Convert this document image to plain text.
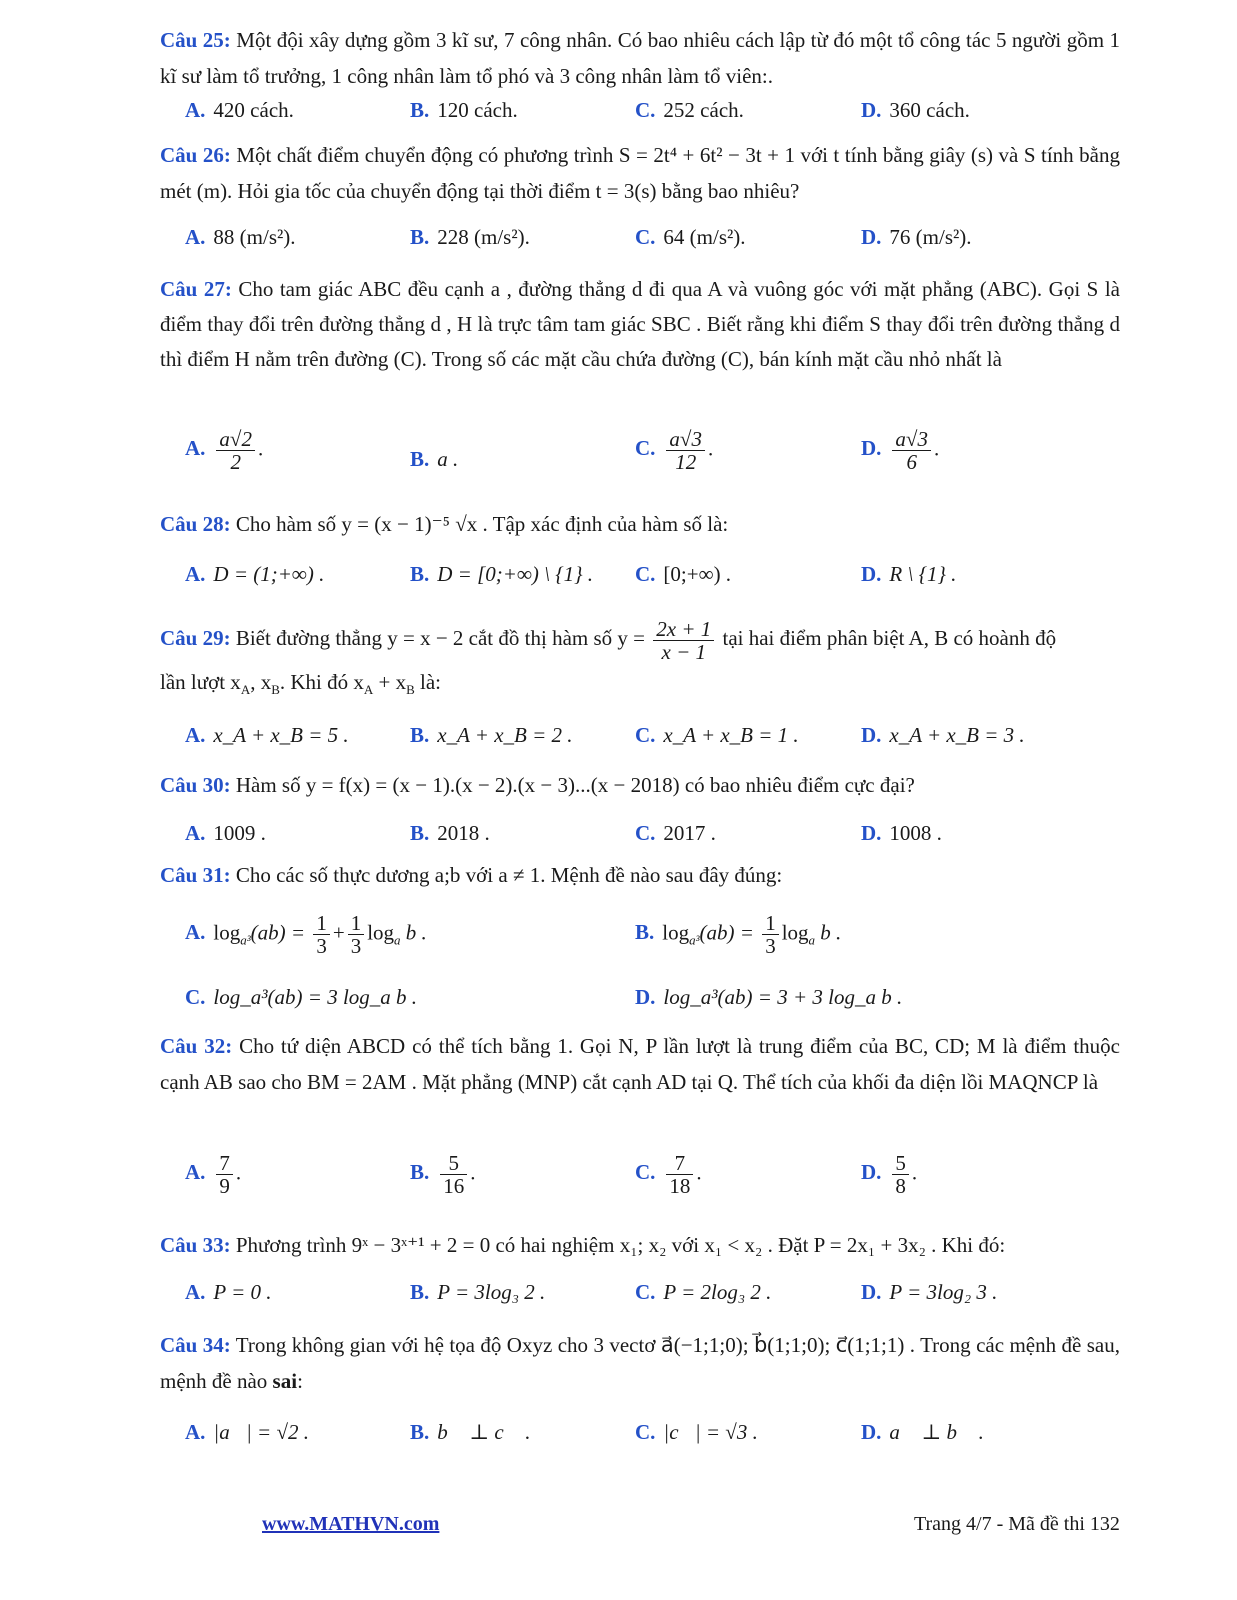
Câu 25: Một đội xây dựng gồm 3 kĩ sư, 7 công nhân. Có bao nhiêu cách lập từ đó một tổ công tác 5 người gồm 1 kĩ sư làm tổ trưởng, 1 công nhân làm tổ phó và 3 công nhân làm tổ viên:.

A. 420 cách.	B. 120 cách.	C. 252 cách.	D. 360 cách.

Câu 26: Một chất điểm chuyển động có phương trình S = 2t⁴ + 6t² − 3t + 1 với t tính bằng giây (s) và S tính bằng mét (m). Hỏi gia tốc của chuyển động tại thời điểm t = 3(s) bằng bao nhiêu?

A. 88 (m/s²).	B. 228 (m/s²).	C. 64 (m/s²).	D. 76 (m/s²).

Câu 27: Cho tam giác ABC đều cạnh a , đường thẳng d đi qua A và vuông góc với mặt phẳng (ABC). Gọi S là điểm thay đổi trên đường thẳng d , H là trực tâm tam giác SBC . Biết rằng khi điểm S thay đổi trên đường thẳng d thì điểm H nằm trên đường (C). Trong số các mặt cầu chứa đường (C), bán kính mặt cầu nhỏ nhất là

A. $\frac{a√2}{2}$ .	B. a .	C. $\frac{a√3}{12}$ .	D. $\frac{a√3}{6}$ .

Câu 28: Cho hàm số y = (x − 1)⁻⁵ √x . Tập xác định của hàm số là:

A. D = (1;+∞) .	B. D = [0;+∞) \ {1} . C. [0;+∞) .	D. R \ {1} .

Câu 29: Biết đường thẳng y = x − 2 cắt đồ thị hàm số $y = \frac{2x + 1}{x - 1}$ tại hai điểm phân biệt A, B có hoành độ

lần lượt $x_A$, $x_B$. Khi đó $x_A + x_B$ là:

A. x_A + x_B = 5 .	B. x_A + x_B = 2 .	C. x_A + x_B = 1 .	D. x_A + x_B = 3 .

Câu 30: Hàm số y = f(x) = (x − 1).(x − 2).(x − 3)...(x − 2018) có bao nhiêu điểm cực đại?

A. 1009 .	B. 2018 .	C. 2017 .	D. 1008 .

Câu 31: Cho các số thực dương a;b với a ≠ 1. Mệnh đề nào sau đây đúng:

A. $\log_{a^3}(ab) = \frac{1}{3} + \frac{1}{3} \log_a b$ .	B. $\log_{a^3}(ab) = \frac{1}{3} \log_a b$ .
C. log_a³(ab) = 3 log_a b .	D. log_a³(ab) = 3 + 3 log_a b .

Câu 32: Cho tứ diện ABCD có thể tích bằng 1. Gọi N, P lần lượt là trung điểm của BC, CD; M là điểm thuộc cạnh AB sao cho BM = 2AM . Mặt phẳng (MNP) cắt cạnh AD tại Q. Thể tích của khối đa diện lồi MAQNCP là

A. $\frac{7}{9}$ .	B. $\frac{5}{16}$ .	C. $\frac{7}{18}$ .	D. $\frac{5}{8}$ .

Câu 33: Phương trình 9ˣ − 3ˣ⁺¹ + 2 = 0 có hai nghiệm x₁; x₂ với x₁ < x₂ . Đặt P = 2x₁ + 3x₂ . Khi đó:

A. P = 0 .	B. P = 3log₃ 2 .	C. P = 2log₃ 2 .	D. P = 3log₂ 3 .

Câu 34: Trong không gian với hệ tọa độ Oxyz cho 3 vectơ a⃗(−1;1;0); b⃗(1;1;0); c⃗(1;1;1) . Trong các mệnh đề sau, mệnh đề nào sai:

A. |a⃗| = √2 .	B. b⃗ ⊥ c⃗ .	C. |c⃗| = √3 .	D. a⃗ ⊥ b⃗ .
www.MATHVN.com	Trang 4/7 - Mã đề thi 132
